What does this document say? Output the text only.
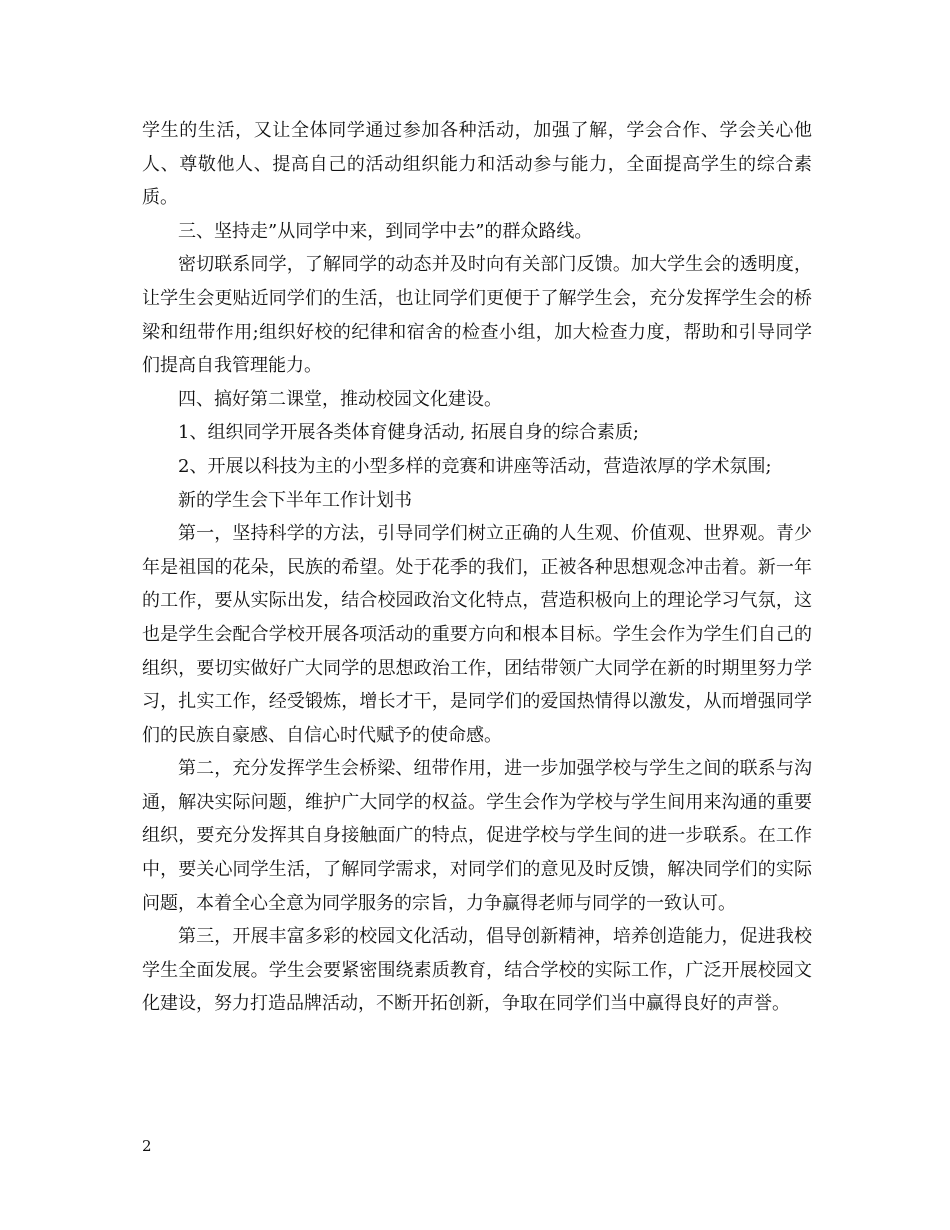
学生的生活，又让全体同学通过参加各种活动，加强了解，学会合作、学会关心他人、尊敬他人、提高自己的活动组织能力和活动参与能力，全面提高学生的综合素质。

三、坚持走”从同学中来，到同学中去”的群众路线。

密切联系同学，了解同学的动态并及时向有关部门反馈。加大学生会的透明度，让学生会更贴近同学们的生活，也让同学们更便于了解学生会，充分发挥学生会的桥梁和纽带作用;组织好校的纪律和宿舍的检查小组，加大检查力度，帮助和引导同学们提高自我管理能力。

四、搞好第二课堂，推动校园文化建设。

1、组织同学开展各类体育健身活动, 拓展自身的综合素质;

2、开展以科技为主的小型多样的竞赛和讲座等活动，营造浓厚的学术氛围;

新的学生会下半年工作计划书

第一，坚持科学的方法，引导同学们树立正确的人生观、价值观、世界观。青少年是祖国的花朵，民族的希望。处于花季的我们，正被各种思想观念冲击着。新一年的工作，要从实际出发，结合校园政治文化特点，营造积极向上的理论学习气氛，这也是学生会配合学校开展各项活动的重要方向和根本目标。学生会作为学生们自己的组织，要切实做好广大同学的思想政治工作，团结带领广大同学在新的时期里努力学习，扎实工作，经受锻炼，增长才干，是同学们的爱国热情得以激发，从而增强同学们的民族自豪感、自信心时代赋予的使命感。

第二，充分发挥学生会桥梁、纽带作用，进一步加强学校与学生之间的联系与沟通，解决实际问题，维护广大同学的权益。学生会作为学校与学生间用来沟通的重要组织，要充分发挥其自身接触面广的特点，促进学校与学生间的进一步联系。在工作中，要关心同学生活，了解同学需求，对同学们的意见及时反馈，解决同学们的实际问题，本着全心全意为同学服务的宗旨，力争赢得老师与同学的一致认可。

第三，开展丰富多彩的校园文化活动，倡导创新精神，培养创造能力，促进我校学生全面发展。学生会要紧密围绕素质教育，结合学校的实际工作，广泛开展校园文化建设，努力打造品牌活动，不断开拓创新，争取在同学们当中赢得良好的声誉。

2
